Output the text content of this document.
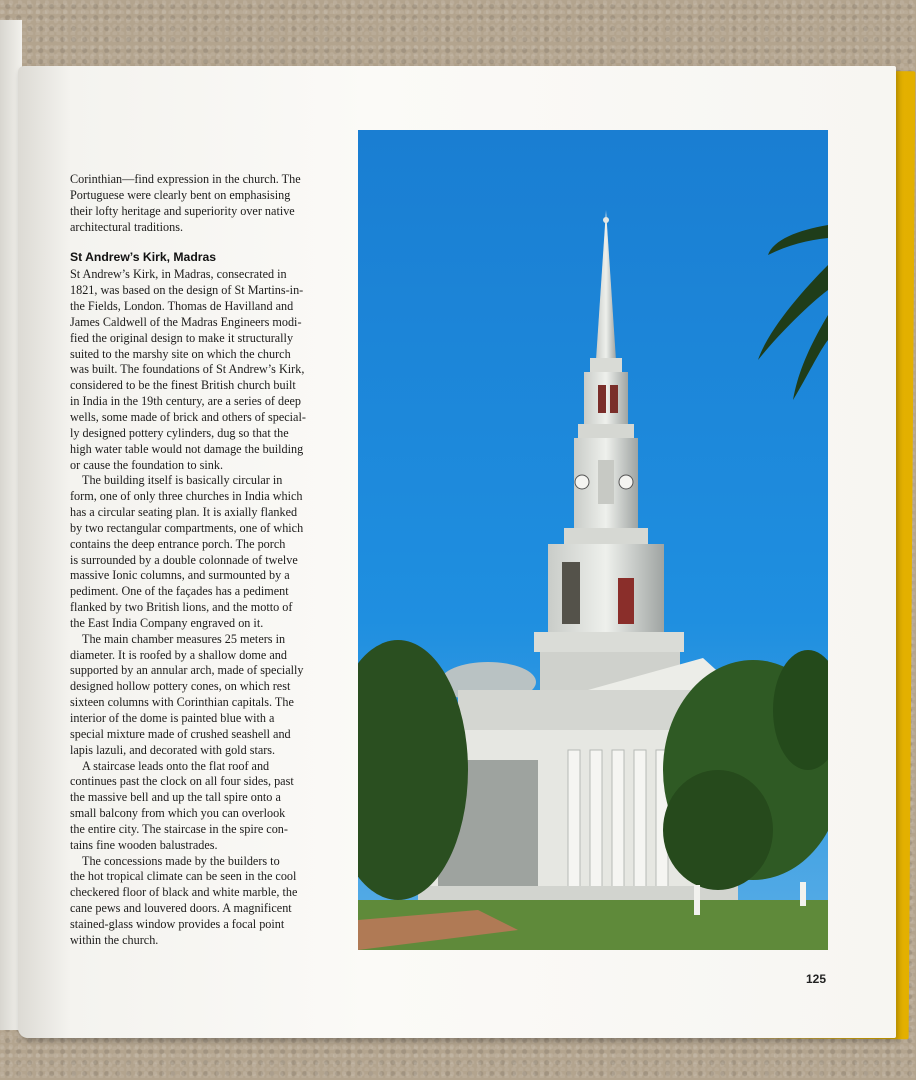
Corinthian—find expression in the church. The
Portuguese were clearly bent on emphasising
their lofty heritage and superiority over native
architectural traditions.

St Andrew’s Kirk, Madras

St Andrew’s Kirk, in Madras, consecrated in
1821, was based on the design of St Martins-in-
the Fields, London. Thomas de Havilland and
James Caldwell of the Madras Engineers modi-
fied the original design to make it structurally
suited to the marshy site on which the church
was built. The foundations of St Andrew’s Kirk,
considered to be the finest British church built
in India in the 19th century, are a series of deep
wells, some made of brick and others of special-
ly designed pottery cylinders, dug so that the
high water table would not damage the building
or cause the foundation to sink.

The building itself is basically circular in
form, one of only three churches in India which
has a circular seating plan. It is axially flanked
by two rectangular compartments, one of which
contains the deep entrance porch. The porch
is surrounded by a double colonnade of twelve
massive Ionic columns, and surmounted by a
pediment. One of the façades has a pediment
flanked by two British lions, and the motto of
the East India Company engraved on it.

The main chamber measures 25 meters in
diameter. It is roofed by a shallow dome and
supported by an annular arch, made of specially
designed hollow pottery cones, on which rest
sixteen columns with Corinthian capitals. The
interior of the dome is painted blue with a
special mixture made of crushed seashell and
lapis lazuli, and decorated with gold stars.

A staircase leads onto the flat roof and
continues past the clock on all four sides, past
the massive bell and up the tall spire onto a
small balcony from which you can overlook
the entire city. The staircase in the spire con-
tains fine wooden balustrades.

The concessions made by the builders to
the hot tropical climate can be seen in the cool
checkered floor of black and white marble, the
cane pews and louvered doors. A magnificent
stained-glass window provides a focal point
within the church.

125
